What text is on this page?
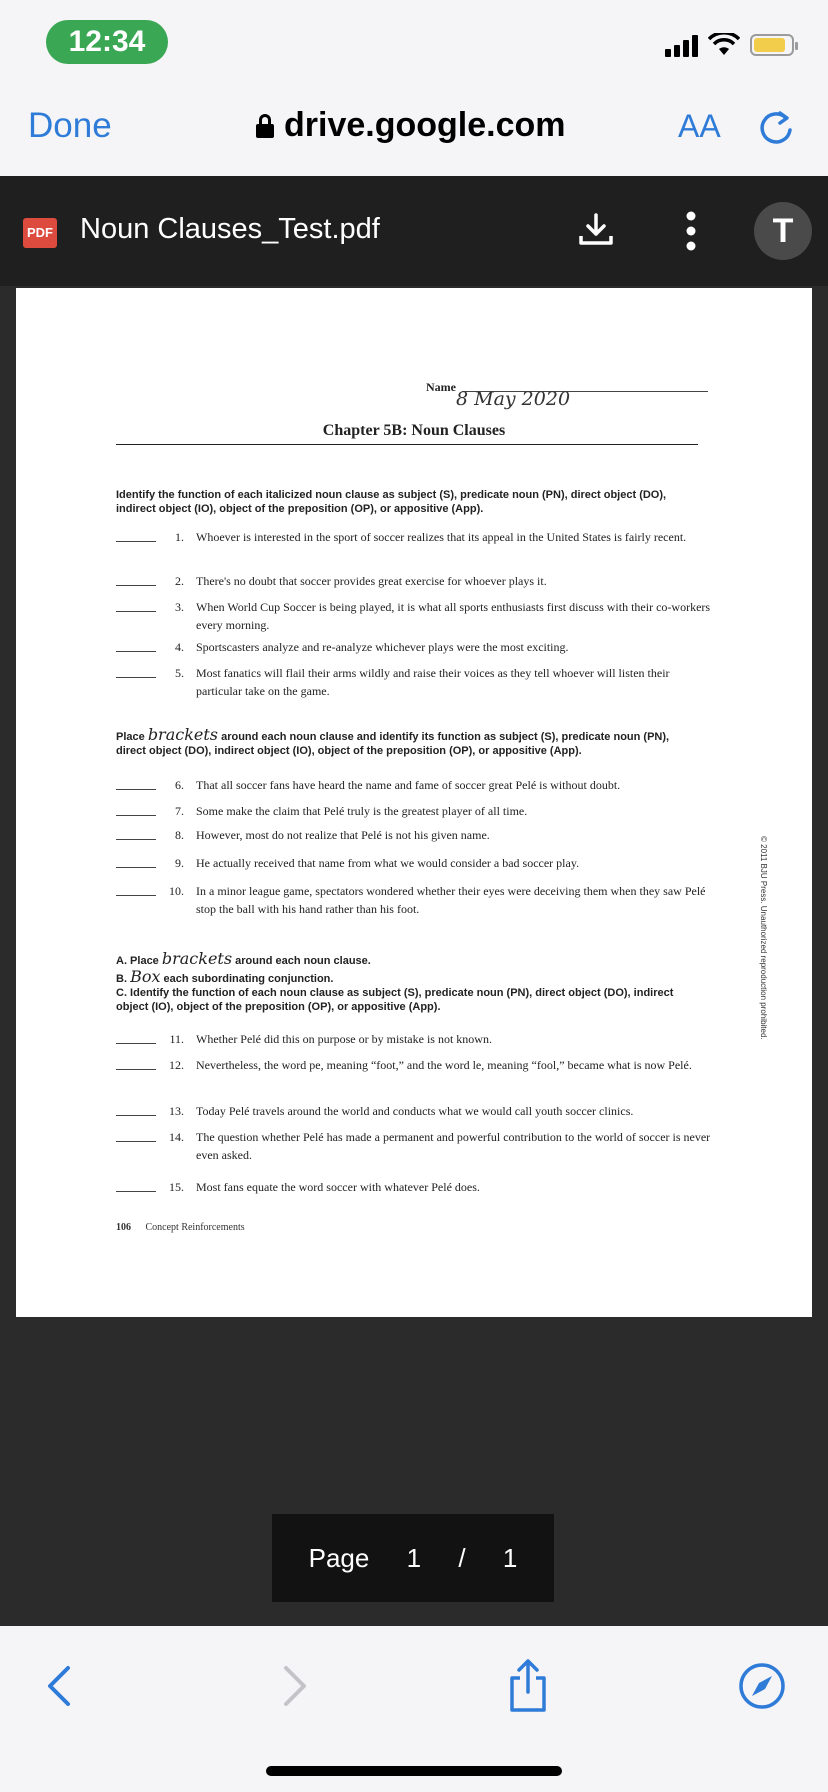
12:34
Done	drive.google.com	AA
PDF Noun Clauses_Test.pdf	T
Name
8 May 2020
Chapter 5B: Noun Clauses
Identify the function of each italicized noun clause as subject (S), predicate noun (PN), direct object (DO), indirect object (IO), object of the preposition (OP), or appositive (App).
1. Whoever is interested in the sport of soccer realizes that its appeal in the United States is fairly recent.
2. There's no doubt that soccer provides great exercise for whoever plays it.
3. When World Cup Soccer is being played, it is what all sports enthusiasts first discuss with their co-workers every morning.
4. Sportscasters analyze and re-analyze whichever plays were the most exciting.
5. Most fanatics will flail their arms wildly and raise their voices as they tell whoever will listen their particular take on the game.
Place brackets around each noun clause and identify its function as subject (S), predicate noun (PN), direct object (DO), indirect object (IO), object of the preposition (OP), or appositive (App).
6. That all soccer fans have heard the name and fame of soccer great Pelé is without doubt.
7. Some make the claim that Pelé truly is the greatest player of all time.
8. However, most do not realize that Pelé is not his given name.
9. He actually received that name from what we would consider a bad soccer play.
10. In a minor league game, spectators wondered whether their eyes were deceiving them when they saw Pelé stop the ball with his hand rather than his foot.
A. Place brackets around each noun clause.
B. Box each subordinating conjunction.
C. Identify the function of each noun clause as subject (S), predicate noun (PN), direct object (DO), indirect object (IO), object of the preposition (OP), or appositive (App).
11. Whether Pelé did this on purpose or by mistake is not known.
12. Nevertheless, the word pe, meaning “foot,” and the word le, meaning “fool,” became what is now Pelé.
13. Today Pelé travels around the world and conducts what we would call youth soccer clinics.
14. The question whether Pelé has made a permanent and powerful contribution to the world of soccer is never even asked.
15. Most fans equate the word soccer with whatever Pelé does.
© 2011 BJU Press. Unauthorized reproduction prohibited.
106 Concept Reinforcements
Page 1 / 1
